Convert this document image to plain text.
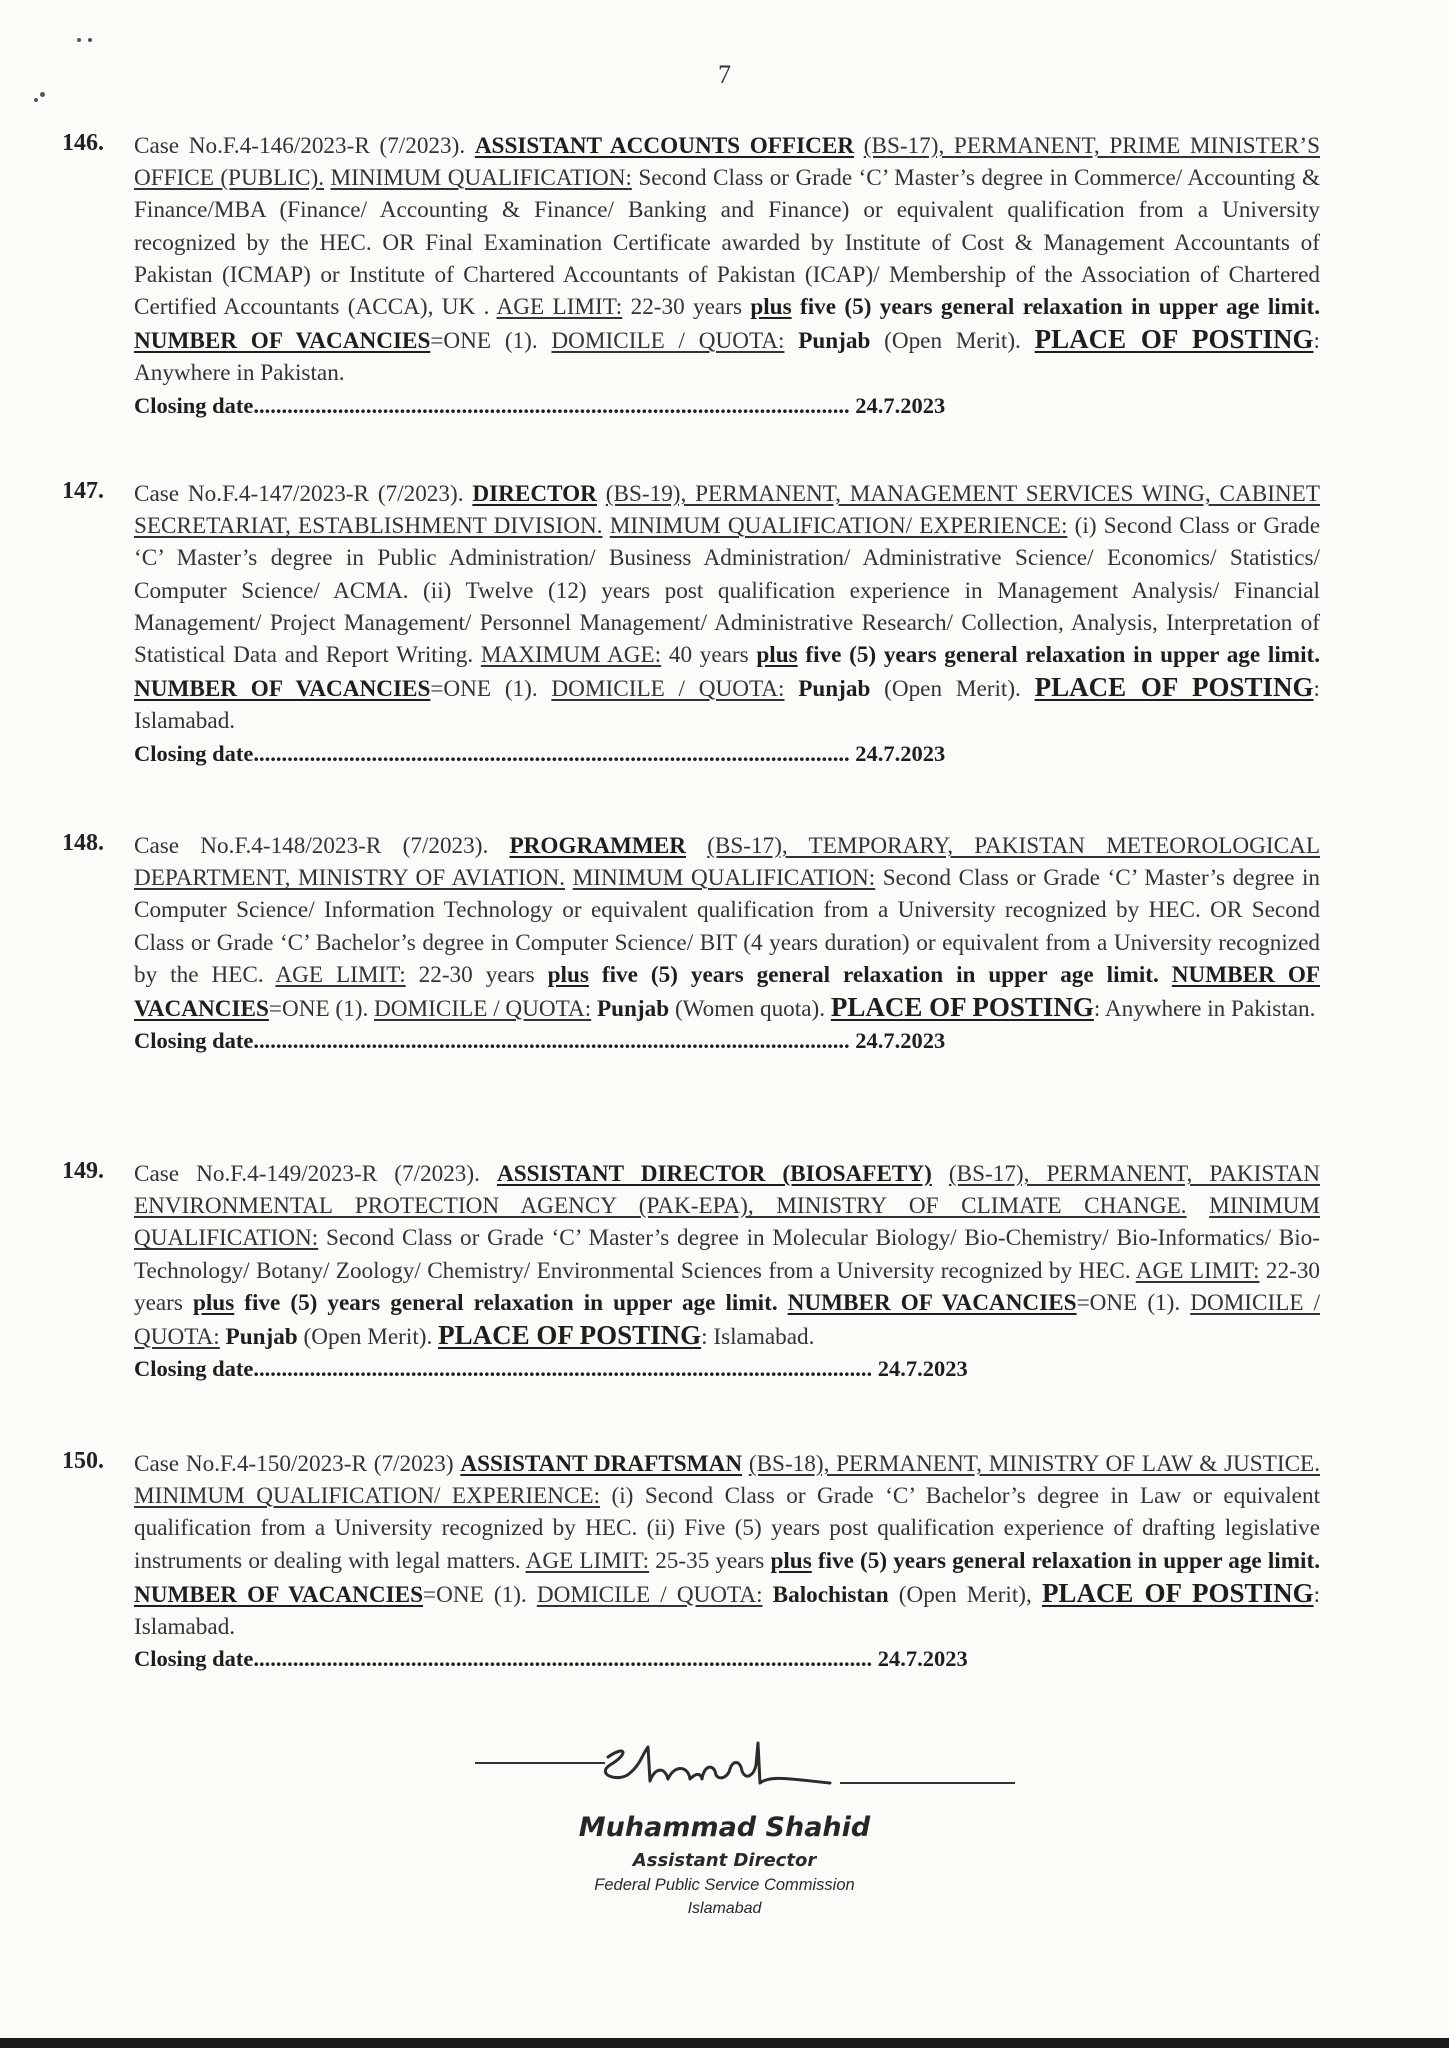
7
146. Case No.F.4-146/2023-R (7/2023). ASSISTANT ACCOUNTS OFFICER (BS-17), PERMANENT, PRIME MINISTER’S OFFICE (PUBLIC). MINIMUM QUALIFICATION: Second Class or Grade ‘C’ Master’s degree in Commerce/ Accounting & Finance/MBA (Finance/ Accounting & Finance/ Banking and Finance) or equivalent qualification from a University recognized by the HEC. OR Final Examination Certificate awarded by Institute of Cost & Management Accountants of Pakistan (ICMAP) or Institute of Chartered Accountants of Pakistan (ICAP)/ Membership of the Association of Chartered Certified Accountants (ACCA), UK . AGE LIMIT: 22-30 years plus five (5) years general relaxation in upper age limit. NUMBER OF VACANCIES=ONE (1). DOMICILE / QUOTA: Punjab (Open Merit). PLACE OF POSTING: Anywhere in Pakistan.
Closing date.......................................................................................................... 24.7.2023
147. Case No.F.4-147/2023-R (7/2023). DIRECTOR (BS-19), PERMANENT, MANAGEMENT SERVICES WING, CABINET SECRETARIAT, ESTABLISHMENT DIVISION. MINIMUM QUALIFICATION/ EXPERIENCE: (i) Second Class or Grade ‘C’ Master’s degree in Public Administration/ Business Administration/ Administrative Science/ Economics/ Statistics/ Computer Science/ ACMA. (ii) Twelve (12) years post qualification experience in Management Analysis/ Financial Management/ Project Management/ Personnel Management/ Administrative Research/ Collection, Analysis, Interpretation of Statistical Data and Report Writing. MAXIMUM AGE: 40 years plus five (5) years general relaxation in upper age limit. NUMBER OF VACANCIES=ONE (1). DOMICILE / QUOTA: Punjab (Open Merit). PLACE OF POSTING: Islamabad.
Closing date.......................................................................................................... 24.7.2023
148. Case No.F.4-148/2023-R (7/2023). PROGRAMMER (BS-17), TEMPORARY, PAKISTAN METEOROLOGICAL DEPARTMENT, MINISTRY OF AVIATION. MINIMUM QUALIFICATION: Second Class or Grade ‘C’ Master’s degree in Computer Science/ Information Technology or equivalent qualification from a University recognized by HEC. OR Second Class or Grade ‘C’ Bachelor’s degree in Computer Science/ BIT (4 years duration) or equivalent from a University recognized by the HEC. AGE LIMIT: 22-30 years plus five (5) years general relaxation in upper age limit. NUMBER OF VACANCIES=ONE (1). DOMICILE / QUOTA: Punjab (Women quota). PLACE OF POSTING: Anywhere in Pakistan.
Closing date.......................................................................................................... 24.7.2023
149. Case No.F.4-149/2023-R (7/2023). ASSISTANT DIRECTOR (BIOSAFETY) (BS-17), PERMANENT, PAKISTAN ENVIRONMENTAL PROTECTION AGENCY (PAK-EPA), MINISTRY OF CLIMATE CHANGE. MINIMUM QUALIFICATION: Second Class or Grade ‘C’ Master’s degree in Molecular Biology/ Bio-Chemistry/ Bio-Informatics/ Bio-Technology/ Botany/ Zoology/ Chemistry/ Environmental Sciences from a University recognized by HEC. AGE LIMIT: 22-30 years plus five (5) years general relaxation in upper age limit. NUMBER OF VACANCIES=ONE (1). DOMICILE / QUOTA: Punjab (Open Merit). PLACE OF POSTING: Islamabad.
Closing date.............................................................................................................. 24.7.2023
150. Case No.F.4-150/2023-R (7/2023) ASSISTANT DRAFTSMAN (BS-18), PERMANENT, MINISTRY OF LAW & JUSTICE. MINIMUM QUALIFICATION/ EXPERIENCE: (i) Second Class or Grade ‘C’ Bachelor’s degree in Law or equivalent qualification from a University recognized by HEC. (ii) Five (5) years post qualification experience of drafting legislative instruments or dealing with legal matters. AGE LIMIT: 25-35 years plus five (5) years general relaxation in upper age limit. NUMBER OF VACANCIES=ONE (1). DOMICILE / QUOTA: Balochistan (Open Merit), PLACE OF POSTING: Islamabad.
Closing date.............................................................................................................. 24.7.2023
Muhammad Shahid
Assistant Director
Federal Public Service Commission
Islamabad
